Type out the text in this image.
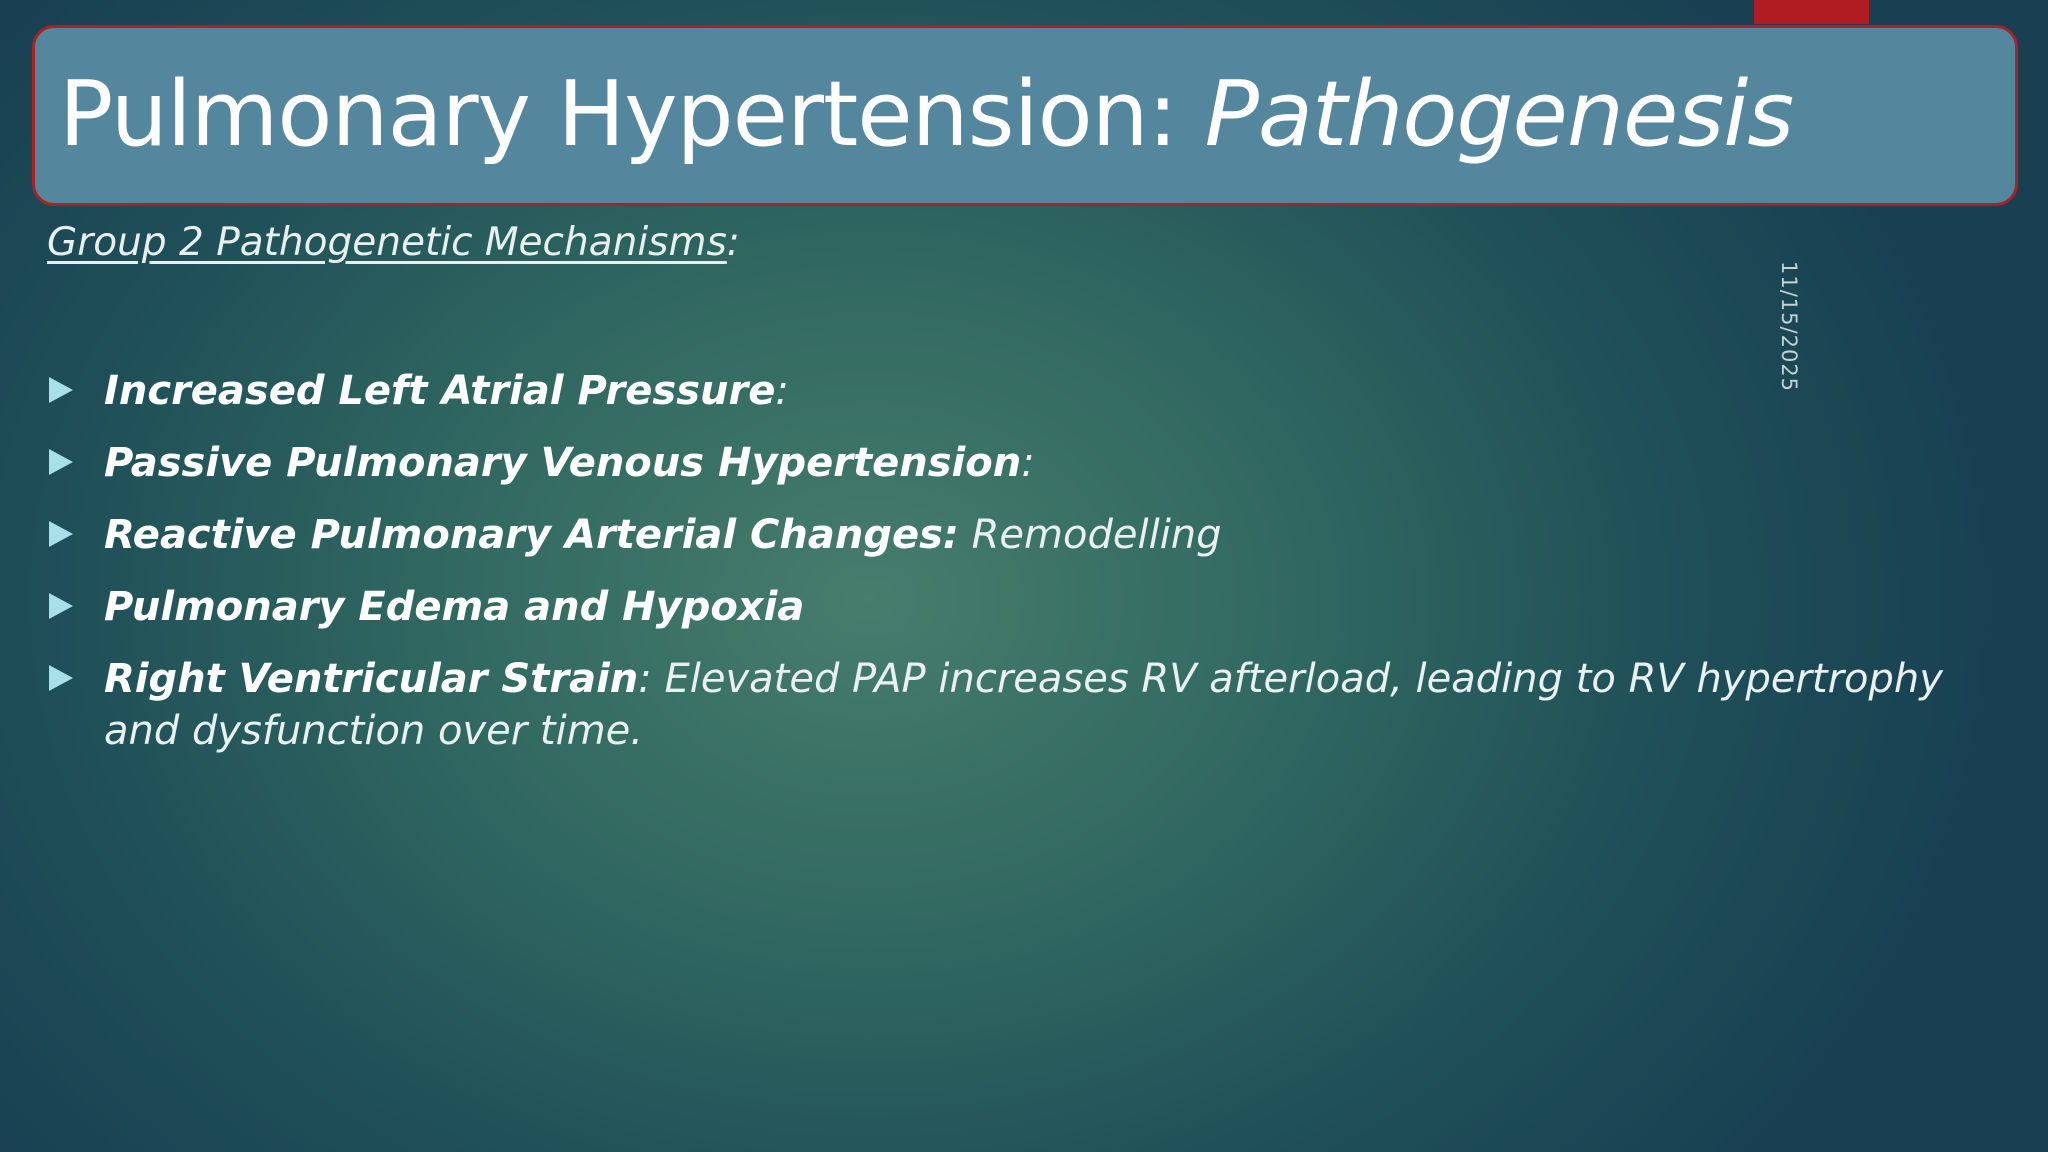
Pulmonary Hypertension: Pathogenesis
Group 2 Pathogenetic Mechanisms:
11/15/2025
Increased Left Atrial Pressure:
Passive Pulmonary Venous Hypertension:
Reactive Pulmonary Arterial Changes: Remodelling
Pulmonary Edema and Hypoxia
Right Ventricular Strain: Elevated PAP increases RV afterload, leading to RV hypertrophy and dysfunction over time.
